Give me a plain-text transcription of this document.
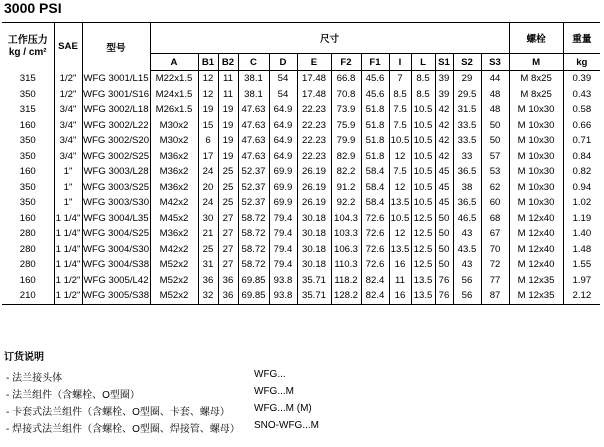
3000 PSI
工作压力
kg / cm²	SAE	型号	尺寸													螺栓	重量
			A	B1	B2	C	D	E	F2	F1	I	L	S1	S2	S3	M	kg
315	1/2"	WFG 3001/L15	M22x1.5	12	11	38.1	54	17.48	66.8	45.6	7	8.5	39	29	44	M 8x25	0.39
350	1/2"	WFG 3001/S16	M24x1.5	12	11	38.1	54	17.48	70.8	45.6	8.5	8.5	39	29.5	48	M 8x25	0.43
315	3/4"	WFG 3002/L18	M26x1.5	19	19	47.63	64.9	22.23	73.9	51.8	7.5	10.5	42	31.5	48	M 10x30	0.58
160	3/4"	WFG 3002/L22	M30x2	15	19	47.63	64.9	22.23	75.9	51.8	7.5	10.5	42	33.5	50	M 10x30	0.66
350	3/4"	WFG 3002/S20	M30x2	6	19	47.63	64.9	22.23	79.9	51.8	10.5	10.5	42	33.5	50	M 10x30	0.71
350	3/4"	WFG 3002/S25	M36x2	17	19	47.63	64.9	22.23	82.9	51.8	12	10.5	42	33	57	M 10x30	0.84
160	1"	WFG 3003/L28	M36x2	24	25	52.37	69.9	26.19	82.2	58.4	7.5	10.5	45	36.5	53	M 10x30	0.82
350	1"	WFG 3003/S25	M36x2	20	25	52.37	69.9	26.19	91.2	58.4	12	10.5	45	38	62	M 10x30	0.94
350	1"	WFG 3003/S30	M42x2	24	25	52.37	69.9	26.19	92.2	58.4	13.5	10.5	45	36.5	60	M 10x30	1.02
160	1 1/4"	WFG 3004/L35	M45x2	30	27	58.72	79.4	30.18	104.3	72.6	10.5	12.5	50	46.5	68	M 12x40	1.19
280	1 1/4"	WFG 3004/S25	M36x2	21	27	58.72	79.4	30.18	103.3	72.6	12	12.5	50	43	67	M 12x40	1.40
280	1 1/4"	WFG 3004/S30	M42x2	25	27	58.72	79.4	30.18	106.3	72.6	13.5	12.5	50	43.5	70	M 12x40	1.48
280	1 1/4"	WFG 3004/S38	M52x2	31	27	58.72	79.4	30.18	110.3	72.6	16	12.5	50	43	72	M 12x40	1.55
160	1 1/2"	WFG 3005/L42	M52x2	36	36	69.85	93.8	35.71	118.2	82.4	11	13.5	76	56	77	M 12x35	1.97
210	1 1/2"	WFG 3005/S38	M52x2	32	36	69.85	93.8	35.71	128.2	82.4	16	13.5	76	56	87	M 12x35	2.12
订货说明
- 法兰接头体	WFG...
- 法兰组件（含螺栓、O型圈）	WFG...M
- 卡套式法兰组件（含螺栓、O型圈、卡套、螺母） WFG...M (M)
- 焊接式法兰组件（含螺栓、O型圈、焊接管、螺母） SNO-WFG...M
